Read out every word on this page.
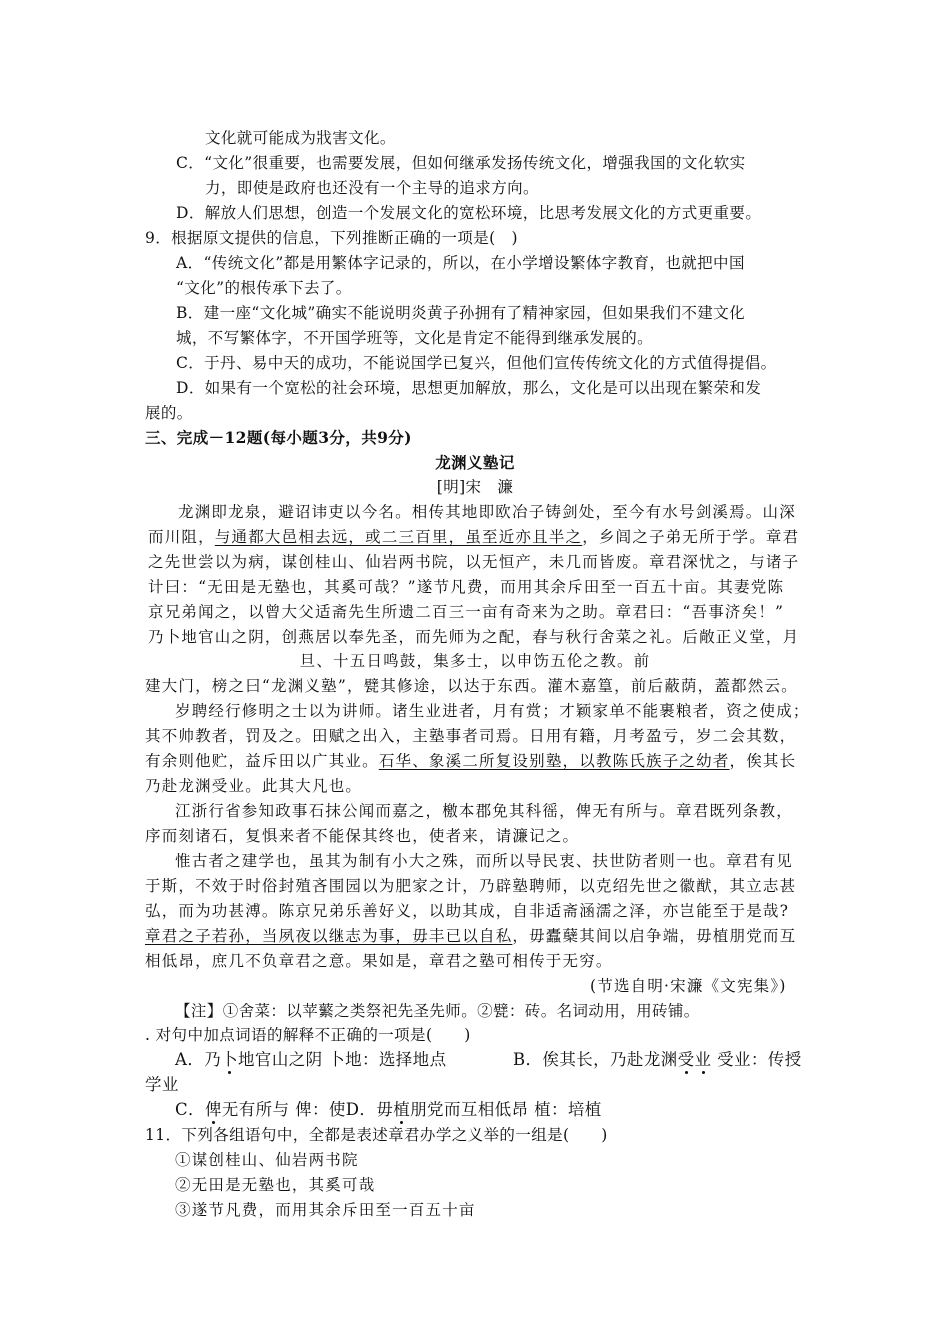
文化就可能成为戕害文化。
C．“文化”很重要，也需要发展，但如何继承发扬传统文化，增强我国的文化软实
力，即使是政府也还没有一个主导的追求方向。
D．解放人们思想，创造一个发展文化的宽松环境，比思考发展文化的方式更重要。
9．根据原文提供的信息，下列推断正确的一项是(　)
A．“传统文化”都是用繁体字记录的，所以，在小学增设繁体字教育，也就把中国
“文化”的根传承下去了。
B．建一座“文化城”确实不能说明炎黄子孙拥有了精神家园，但如果我们不建文化
城，不写繁体字，不开国学班等，文化是肯定不能得到继承发展的。
C．于丹、易中天的成功，不能说国学已复兴，但他们宣传传统文化的方式值得提倡。
D．如果有一个宽松的社会环境，思想更加解放，那么，文化是可以出现在繁荣和发
展的。
三、完成－12题(每小题3分，共9分)
龙渊义塾记
[明]宋　濂
龙渊即龙泉，避诏讳吏以今名。相传其地即欧冶子铸剑处，至今有水号剑溪焉。山深
而川阻，与通都大邑相去远，或二三百里，虽至近亦且半之，乡闾之子弟无所于学。章君
之先世尝以为病，谋创桂山、仙岩两书院，以无恒产，未几而皆废。章君深忧之，与诸子
计曰：“无田是无塾也，其奚可哉？”遂节凡费，而用其余斥田至一百五十亩。其妻党陈
京兄弟闻之，以曾大父适斋先生所遗二百三一亩有奇来为之助。章君曰：“吾事济矣！”
乃卜地官山之阴，创燕居以奉先圣，而先师为之配，春与秋行舍菜之礼。后敞正义堂，月
旦、十五日鸣鼓，集多士，以申饬五伦之教。前
建大门，榜之曰“龙渊义塾”，甓其修途，以达于东西。灌木嘉篁，前后蔽荫，蓋都然云。
岁聘经行修明之士以为讲师。诸生业进者，月有赏；才颖家单不能裹粮者，资之使成；
其不帅教者，罚及之。田赋之出入，主塾事者司焉。日用有籍，月考盈亏，岁二会其数，
有余则他贮，益斥田以广其业。石华、象溪二所复设别塾，以教陈氏族子之幼者，俟其长
乃赴龙渊受业。此其大凡也。
江浙行省参知政事石抹公闻而嘉之，檄本郡免其科徭，俾无有所与。章君既列条教，
序而刻诸石，复惧来者不能保其终也，使者来，请濂记之。
惟古者之建学也，虽其为制有小大之殊，而所以导民衷、扶世防者则一也。章君有见
于斯，不效于时俗封殖吝围园以为肥家之计，乃辟塾聘师，以克绍先世之徽猷，其立志甚
弘，而为功甚溥。陈京兄弟乐善好义，以助其成，自非适斋涵濡之泽，亦岂能至于是哉?
章君之子若孙，当夙夜以继志为事，毋丰已以自私，毋蠹蘖其间以启争端，毋植朋党而互
相低昂，庶几不负章君之意。果如是，章君之塾可相传于无穷。
(节选自明·宋濂《文宪集》)
【注】①舍菜：以苹蘩之类祭祀先圣先师。②甓：砖。名词动用，用砖铺。
. 对句中加点词语的解释不正确的一项是(　　)
A．乃卜地官山之阴 卜地：选择地点	B．俟其长，乃赴龙渊受业 受业：传授
学业
C．俾无有所与 俾：使D．毋植朋党而互相低昂 植：培植
11．下列各组语句中，全都是表述章君办学之义举的一组是(　　)
①谋创桂山、仙岩两书院
②无田是无塾也，其奚可哉
③遂节凡费，而用其余斥田至一百五十亩
